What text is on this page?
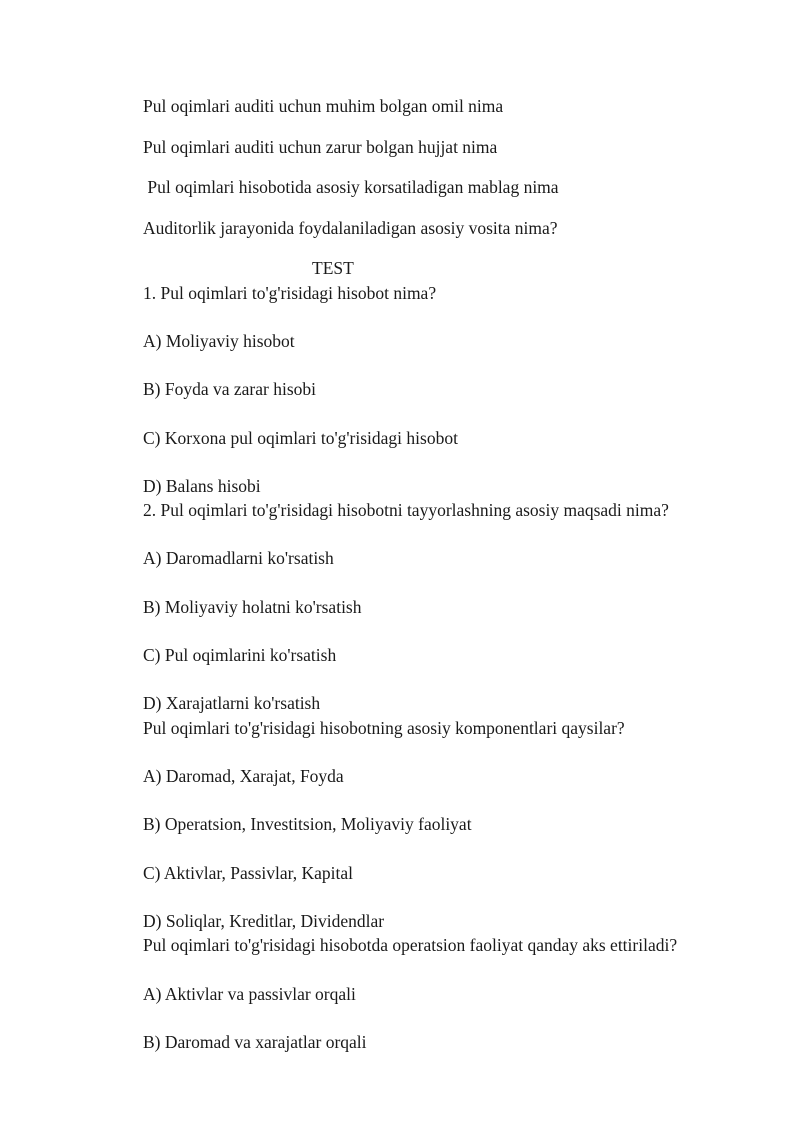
Pul oqimlari auditi uchun muhim bolgan omil nima

Pul oqimlari auditi uchun zarur bolgan hujjat nima

Pul oqimlari hisobotida asosiy korsatiladigan mablag nima

Auditorlik jarayonida foydalaniladigan asosiy vosita nima?

TEST

1. Pul oqimlari to'g'risidagi hisobot nima?

A) Moliyaviy hisobot

B) Foyda va zarar hisobi

C) Korxona pul oqimlari to'g'risidagi hisobot

D) Balans hisobi

2. Pul oqimlari to'g'risidagi hisobotni tayyorlashning asosiy maqsadi nima?

A) Daromadlarni ko'rsatish

B) Moliyaviy holatni ko'rsatish

C) Pul oqimlarini ko'rsatish

D) Xarajatlarni ko'rsatish

Pul oqimlari to'g'risidagi hisobotning asosiy komponentlari qaysilar?

A) Daromad, Xarajat, Foyda

B) Operatsion, Investitsion, Moliyaviy faoliyat

C) Aktivlar, Passivlar, Kapital

D) Soliqlar, Kreditlar, Dividendlar

Pul oqimlari to'g'risidagi hisobotda operatsion faoliyat qanday aks ettiriladi?

A) Aktivlar va passivlar orqali

B) Daromad va xarajatlar orqali
